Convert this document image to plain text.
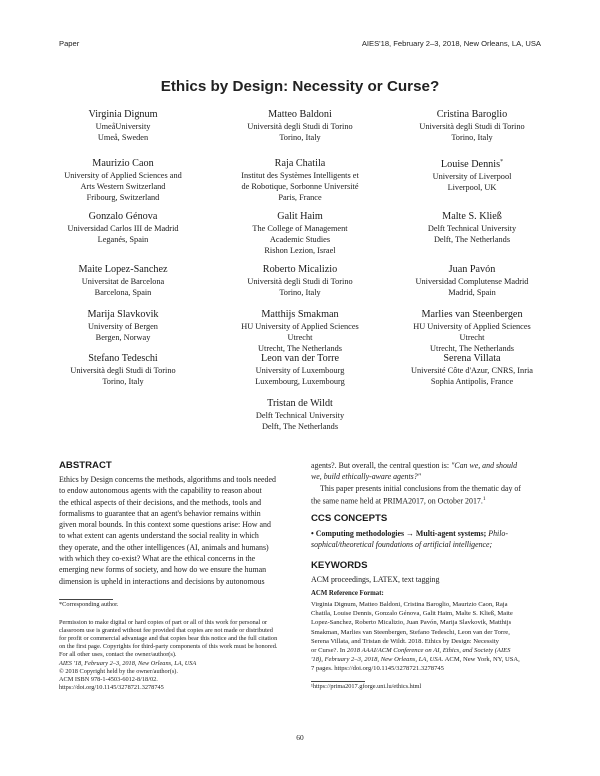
Paper	AIES'18, February 2–3, 2018, New Orleans, LA, USA
Ethics by Design: Necessity or Curse?
Virginia Dignum
UmeåUniversity
Umeå, Sweden
Matteo Baldoni
Università degli Studi di Torino
Torino, Italy
Cristina Baroglio
Università degli Studi di Torino
Torino, Italy
Maurizio Caon
University of Applied Sciences and
Arts Western Switzerland
Fribourg, Switzerland
Raja Chatila
Institut des Systèmes Intelligents et
de Robotique, Sorbonne Université
Paris, France
Louise Dennis*
University of Liverpool
Liverpool, UK
Gonzalo Génova
Universidad Carlos III de Madrid
Leganés, Spain
Galit Haim
The College of Management
Academic Studies
Rishon Lezion, Israel
Malte S. Kließ
Delft Technical University
Delft, The Netherlands
Maite Lopez-Sanchez
Universitat de Barcelona
Barcelona, Spain
Roberto Micalizio
Università degli Studi di Torino
Torino, Italy
Juan Pavón
Universidad Complutense Madrid
Madrid, Spain
Marija Slavkovik
University of Bergen
Bergen, Norway
Matthijs Smakman
HU University of Applied Sciences
Utrecht
Utrecht, The Netherlands
Marlies van Steenbergen
HU University of Applied Sciences
Utrecht
Utrecht, The Netherlands
Stefano Tedeschi
Università degli Studi di Torino
Torino, Italy
Leon van der Torre
University of Luxembourg
Luxembourg, Luxembourg
Serena Villata
Université Côte d'Azur, CNRS, Inria
Sophia Antipolis, France
Tristan de Wildt
Delft Technical University
Delft, The Netherlands
ABSTRACT
Ethics by Design concerns the methods, algorithms and tools needed
to endow autonomous agents with the capability to reason about
the ethical aspects of their decisions, and the methods, tools and
formalisms to guarantee that an agent's behavior remains within
given moral bounds. In this context some questions arise: How and
to what extent can agents understand the social reality in which
they operate, and the other intelligences (AI, animals and humans)
with which they co-exist? What are the ethical concerns in the
emerging new forms of society, and how do we ensure the human
dimension is upheld in interactions and decisions by autonomous
*Corresponding author.
Permission to make digital or hard copies of part or all of this work for personal or
classroom use is granted without fee provided that copies are not made or distributed
for profit or commercial advantage and that copies bear this notice and the full citation
on the first page. Copyrights for third-party components of this work must be honored.
For all other uses, contact the owner/author(s).
AIES '18, February 2–3, 2018, New Orleans, LA, USA
© 2018 Copyright held by the owner/author(s).
ACM ISBN 978-1-4503-6012-8/18/02.
https://doi.org/10.1145/3278721.3278745
agents?. But overall, the central question is: "Can we, and should
we, build ethically-aware agents?"
This paper presents initial conclusions from the thematic day of
the same name held at PRIMA2017, on October 2017.$^1$
CCS CONCEPTS
• Computing methodologies → Multi-agent systems; Philo-
sophical/theoretical foundations of artificial intelligence;
KEYWORDS
ACM proceedings, LATEX, text tagging
ACM Reference Format:
Virginia Dignum, Matteo Baldoni, Cristina Baroglio, Maurizio Caon, Raja
Chatila, Louise Dennis, Gonzalo Génova, Galit Haim, Malte S. Kließ, Maite
Lopez-Sanchez, Roberto Micalizio, Juan Pavón, Marija Slavkovik, Matthijs
Smakman, Marlies van Steenbergen, Stefano Tedeschi, Leon van der Torre,
Serena Villata, and Tristan de Wildt. 2018. Ethics by Design: Necessity
or Curse?. In 2018 AAAI/ACM Conference on AI, Ethics, and Society (AIES
'18), February 2–3, 2018, New Orleans, LA, USA. ACM, New York, NY, USA,
7 pages. https://doi.org/10.1145/3278721.3278745
¹https://prima2017.gforge.uni.lu/ethics.html
60
